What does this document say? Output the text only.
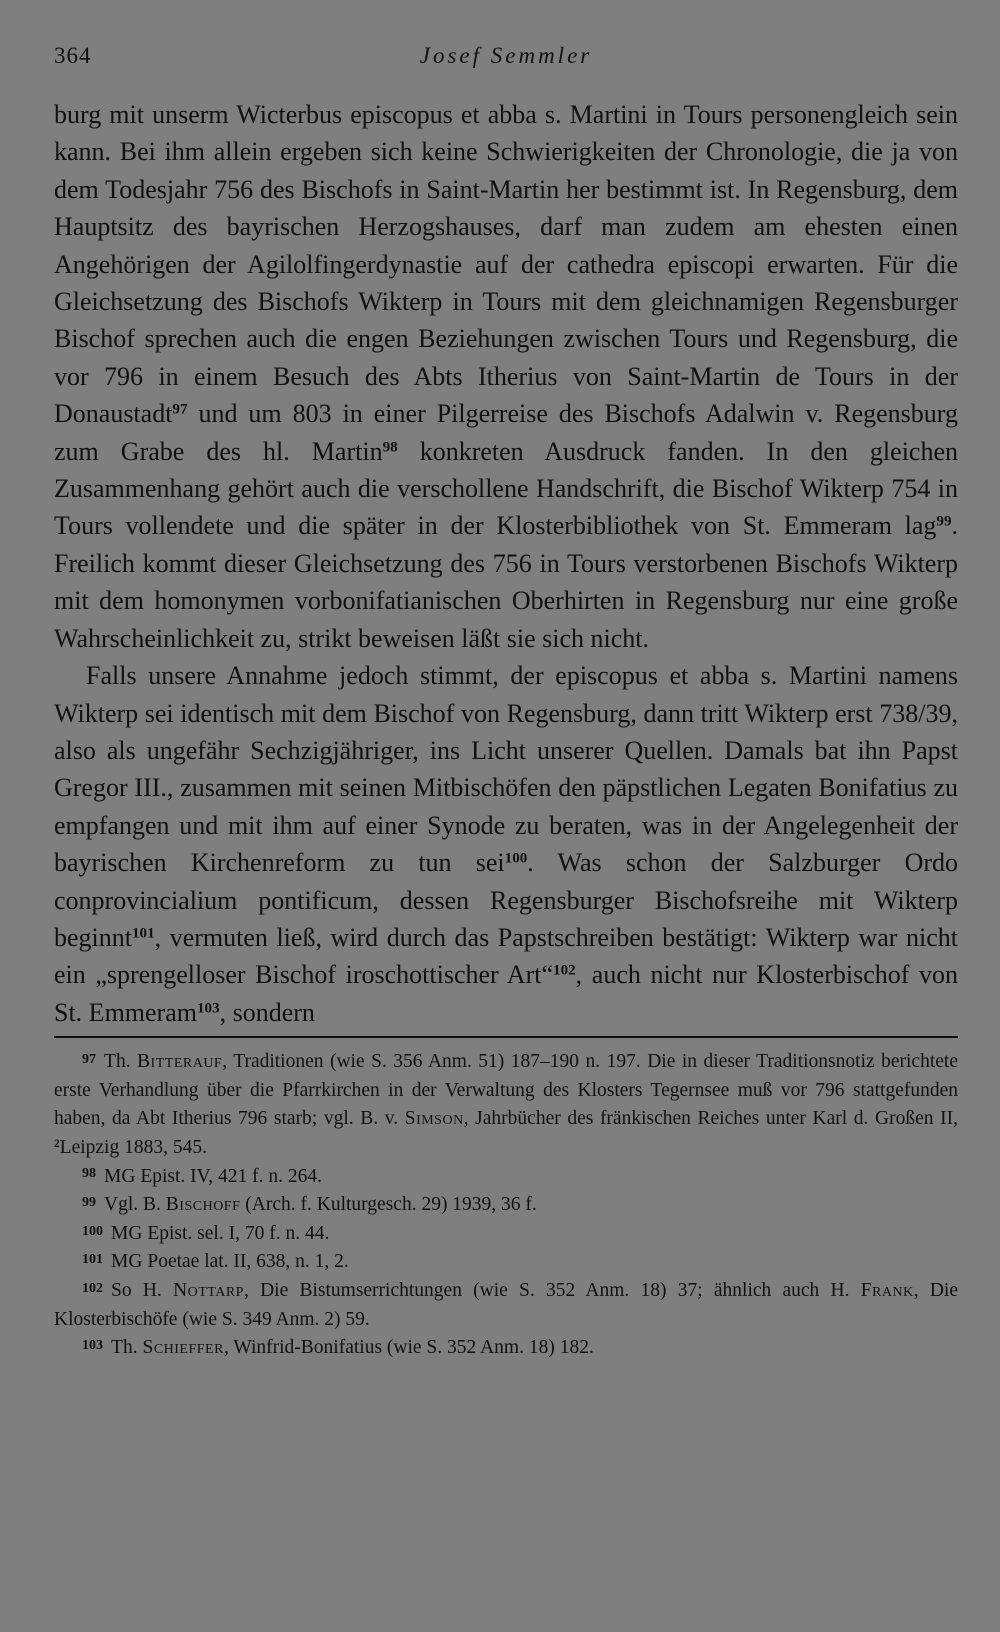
364	Josef Semmler

burg mit unserm Wicterbus episcopus et abba s. Martini in Tours personengleich sein kann. Bei ihm allein ergeben sich keine Schwierigkeiten der Chronologie, die ja von dem Todesjahr 756 des Bischofs in Saint-Martin her bestimmt ist. In Regensburg, dem Hauptsitz des bayrischen Herzogshauses, darf man zudem am ehesten einen Angehörigen der Agilolfingerdynastie auf der cathedra episcopi erwarten. Für die Gleichsetzung des Bischofs Wikterp in Tours mit dem gleichnamigen Regensburger Bischof sprechen auch die engen Beziehungen zwischen Tours und Regensburg, die vor 796 in einem Besuch des Abts Itherius von Saint-Martin de Tours in der Donaustadt$^{97}$ und um 803 in einer Pilgerreise des Bischofs Adalwin v. Regensburg zum Grabe des hl. Martin$^{98}$ konkreten Ausdruck fanden. In den gleichen Zusammenhang gehört auch die verschollene Handschrift, die Bischof Wikterp 754 in Tours vollendete und die später in der Klosterbibliothek von St. Emmeram lag$^{99}$. Freilich kommt dieser Gleichsetzung des 756 in Tours verstorbenen Bischofs Wikterp mit dem homonymen vorbonifatianischen Oberhirten in Regensburg nur eine große Wahrscheinlichkeit zu, strikt beweisen läßt sie sich nicht.

Falls unsere Annahme jedoch stimmt, der episcopus et abba s. Martini namens Wikterp sei identisch mit dem Bischof von Regensburg, dann tritt Wikterp erst 738/39, also als ungefähr Sechzigjähriger, ins Licht unserer Quellen. Damals bat ihn Papst Gregor III., zusammen mit seinen Mitbischöfen den päpstlichen Legaten Bonifatius zu empfangen und mit ihm auf einer Synode zu beraten, was in der Angelegenheit der bayrischen Kirchenreform zu tun sei$^{100}$. Was schon der Salzburger Ordo conprovincialium pontificum, dessen Regensburger Bischofsreihe mit Wikterp beginnt$^{101}$, vermuten ließ, wird durch das Papstschreiben bestätigt: Wikterp war nicht ein „sprengelloser Bischof iroschottischer Art“$^{102}$, auch nicht nur Klosterbischof von St. Emmeram$^{103}$, sondern

$^{97}$ Th. Bitterauf, Traditionen (wie S. 356 Anm. 51) 187–190 n. 197. Die in dieser Traditionsnotiz berichtete erste Verhandlung über die Pfarrkirchen in der Verwaltung des Klosters Tegernsee muß vor 796 stattgefunden haben, da Abt Itherius 796 starb; vgl. B. v. Simson, Jahrbücher des fränkischen Reiches unter Karl d. Großen II, $^2$Leipzig 1883, 545.

$^{98}$ MG Epist. IV, 421 f. n. 264.

$^{99}$ Vgl. B. Bischoff (Arch. f. Kulturgesch. 29) 1939, 36 f.

$^{100}$ MG Epist. sel. I, 70 f. n. 44.

$^{101}$ MG Poetae lat. II, 638, n. 1, 2.

$^{102}$ So H. Nottarp, Die Bistumserrichtungen (wie S. 352 Anm. 18) 37; ähnlich auch H. Frank, Die Klosterbischöfe (wie S. 349 Anm. 2) 59.

$^{103}$ Th. Schieffer, Winfrid-Bonifatius (wie S. 352 Anm. 18) 182.
